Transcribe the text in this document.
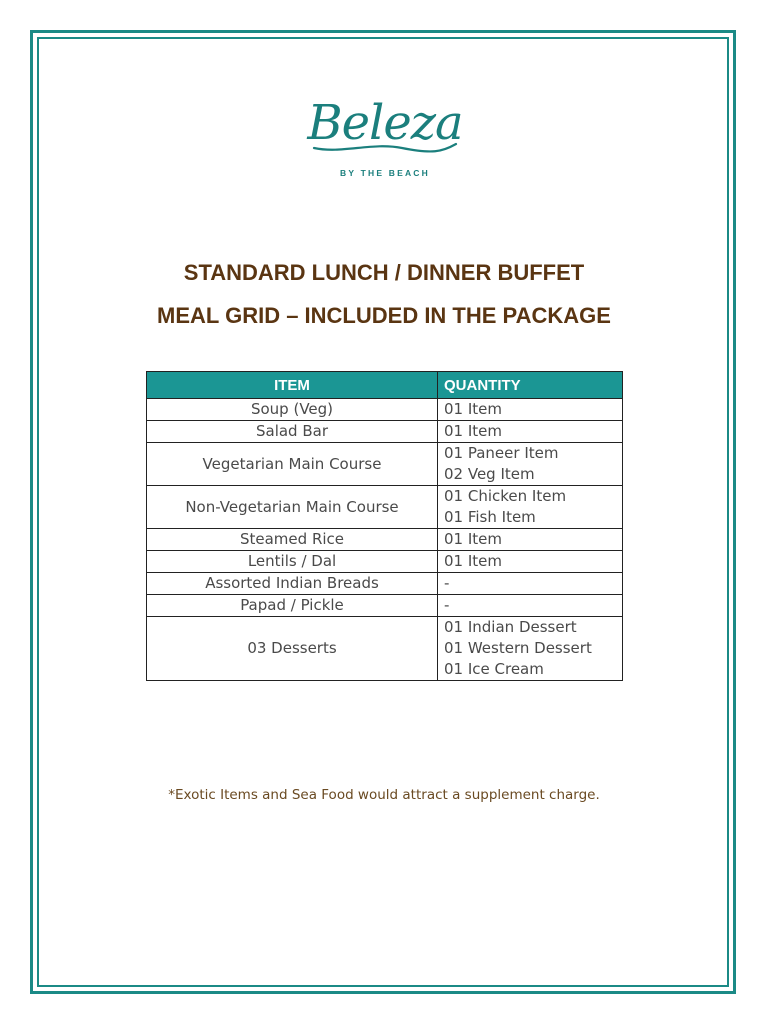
Beleza
BY THE BEACH
STANDARD LUNCH / DINNER BUFFET
MEAL GRID – INCLUDED IN THE PACKAGE
ITEM	QUANTITY
Soup (Veg)	01 Item

Salad Bar	01 Item

Vegetarian Main Course	01 Paneer Item
02 Veg Item

Non-Vegetarian Main Course	01 Chicken Item
01 Fish Item

Steamed Rice	01 Item

Lentils / Dal	01 Item

Assorted Indian Breads	-

Papad / Pickle	-

03 Desserts	01 Indian Dessert
01 Western Dessert
01 Ice Cream
*Exotic Items and Sea Food would attract a supplement charge.
